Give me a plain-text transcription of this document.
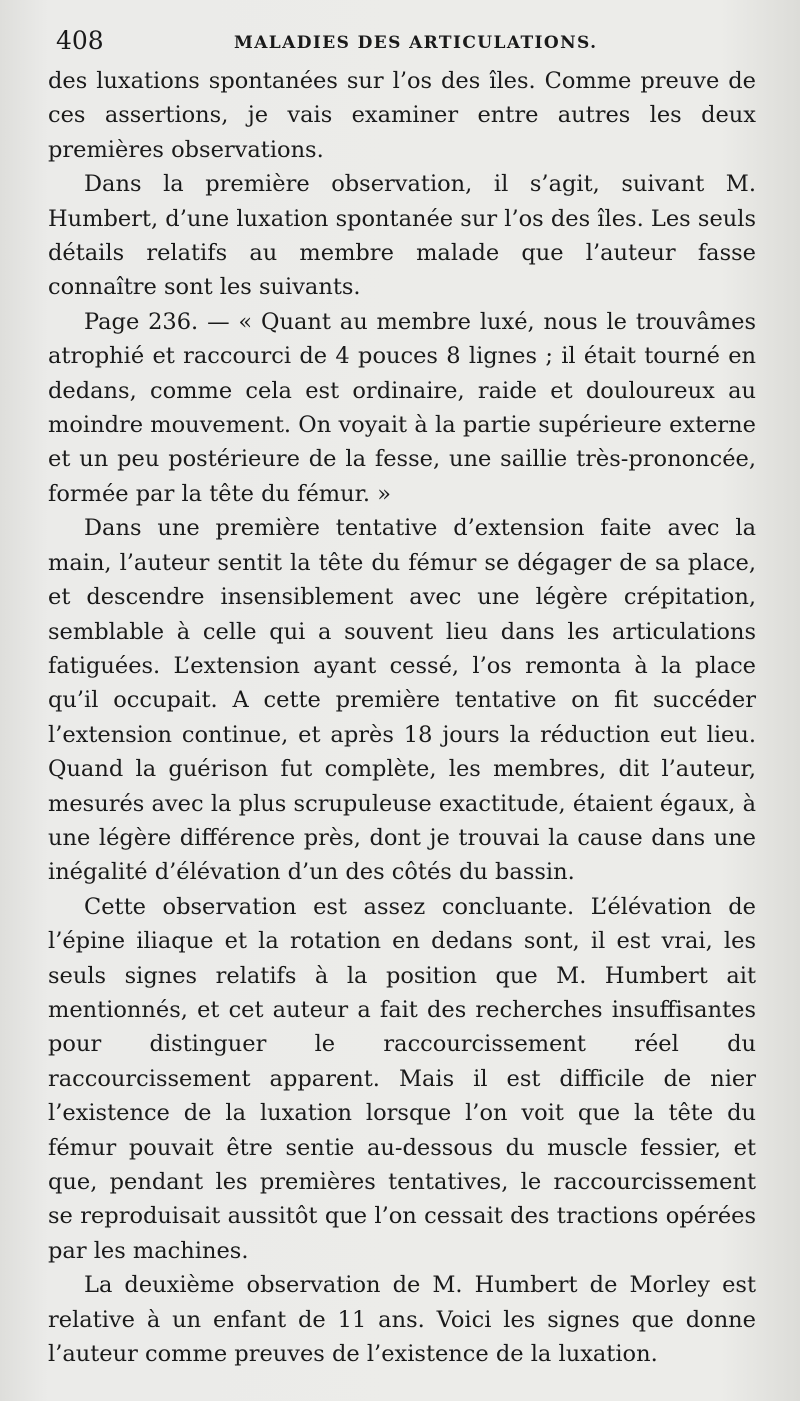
408	MALADIES DES ARTICULATIONS.

des luxations spontanées sur l’os des îles. Comme preuve de ces assertions, je vais examiner entre autres les deux premières observations.

Dans la première observation, il s’agit, suivant M. Humbert, d’une luxation spontanée sur l’os des îles. Les seuls détails relatifs au membre malade que l’auteur fasse connaître sont les suivants.

Page 236. — « Quant au membre luxé, nous le trouvâmes atrophié et raccourci de 4 pouces 8 lignes ; il était tourné en dedans, comme cela est ordinaire, raide et douloureux au moindre mouvement. On voyait à la partie supérieure externe et un peu postérieure de la fesse, une saillie très-prononcée, formée par la tête du fémur. »

Dans une première tentative d’extension faite avec la main, l’auteur sentit la tête du fémur se dégager de sa place, et descendre insensiblement avec une légère crépitation, semblable à celle qui a souvent lieu dans les articulations fatiguées. L’extension ayant cessé, l’os remonta à la place qu’il occupait. A cette première tentative on fit succéder l’extension continue, et après 18 jours la réduction eut lieu. Quand la guérison fut complète, les membres, dit l’auteur, mesurés avec la plus scrupuleuse exactitude, étaient égaux, à une légère différence près, dont je trouvai la cause dans une inégalité d’élévation d’un des côtés du bassin.

Cette observation est assez concluante. L’élévation de l’épine iliaque et la rotation en dedans sont, il est vrai, les seuls signes relatifs à la position que M. Humbert ait mentionnés, et cet auteur a fait des recherches insuffisantes pour distinguer le raccourcissement réel du raccourcissement apparent. Mais il est difficile de nier l’existence de la luxation lorsque l’on voit que la tête du fémur pouvait être sentie au-dessous du muscle fessier, et que, pendant les premières tentatives, le raccourcissement se reproduisait aussitôt que l’on cessait des tractions opérées par les machines.

La deuxième observation de M. Humbert de Morley est relative à un enfant de 11 ans. Voici les signes que donne l’auteur comme preuves de l’existence de la luxation.
